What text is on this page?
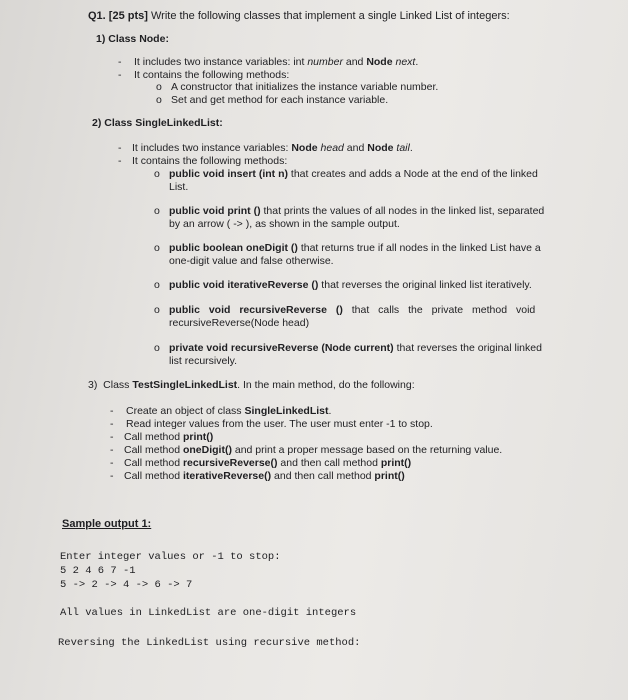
Q1. [25 pts] Write the following classes that implement a single Linked List of integers:
1) Class Node:
- It includes two instance variables: int number and Node next.
- It contains the following methods:
o A constructor that initializes the instance variable number.
o Set and get method for each instance variable.
2) Class SingleLinkedList:
- It includes two instance variables: Node head and Node tail.
- It contains the following methods:
o public void insert (int n) that creates and adds a Node at the end of the linked
List.
o public void print () that prints the values of all nodes in the linked list, separated
by an arrow ( -> ), as shown in the sample output.
o public boolean oneDigit () that returns true if all nodes in the linked List have a
one-digit value and false otherwise.
o public void iterativeReverse () that reverses the original linked list iteratively.
o public void recursiveReverse () that calls the private method void
recursiveReverse(Node head)
o private void recursiveReverse (Node current) that reverses the original linked
list recursively.
3)  Class TestSingleLinkedList. In the main method, do the following:
- Create an object of class SingleLinkedList.
- Read integer values from the user. The user must enter -1 to stop.
- Call method print()
- Call method oneDigit() and print a proper message based on the returning value.
- Call method recursiveReverse() and then call method print()
- Call method iterativeReverse() and then call method print()
Sample output 1:
Enter integer values or -1 to stop:
5 2 4 6 7 -1
5 -> 2 -> 4 -> 6 -> 7
All values in LinkedList are one-digit integers
Reversing the LinkedList using recursive method:
